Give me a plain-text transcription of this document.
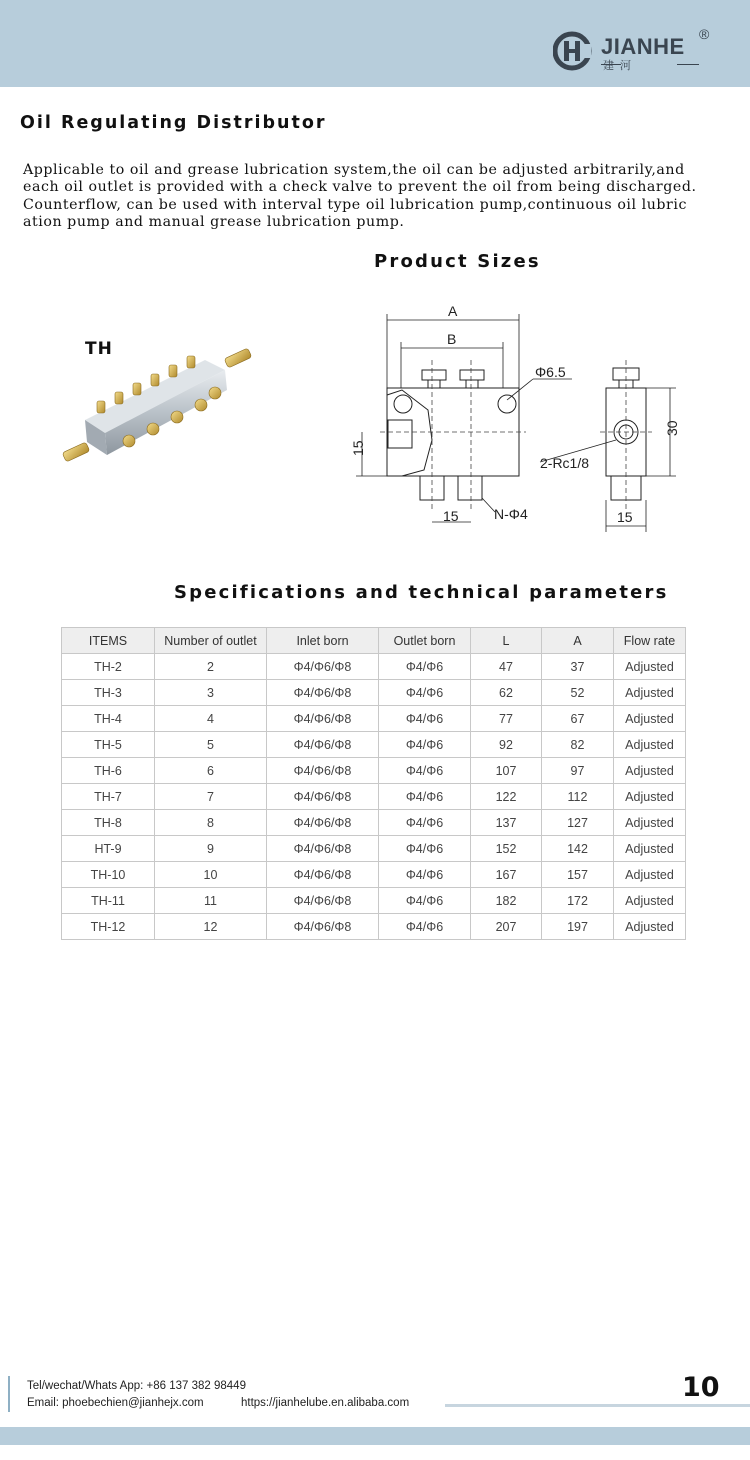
JIANHE ®
建河
Oil Regulating Distributor
Applicable to oil and grease lubrication system,the oil can be adjusted arbitrarily,and
each oil outlet is provided with a check valve to prevent the oil from being discharged.
Counterflow, can be used with interval type oil lubrication pump,continuous oil lubric
ation pump and manual grease lubrication pump.
Product Sizes
TH
A
B
Φ6.5
15
15	N-Φ4
2-Rc1/8
30
15
Specifications and technical parameters
ITEMS	Number of outlet	Inlet born	Outlet born	L	A	Flow rate
TH-2	2	Φ4/Φ6/Φ8	Φ4/Φ6	47	37	Adjusted
TH-3	3	Φ4/Φ6/Φ8	Φ4/Φ6	62	52	Adjusted
TH-4	4	Φ4/Φ6/Φ8	Φ4/Φ6	77	67	Adjusted
TH-5	5	Φ4/Φ6/Φ8	Φ4/Φ6	92	82	Adjusted
TH-6	6	Φ4/Φ6/Φ8	Φ4/Φ6	107	97	Adjusted
TH-7	7	Φ4/Φ6/Φ8	Φ4/Φ6	122	112	Adjusted
TH-8	8	Φ4/Φ6/Φ8	Φ4/Φ6	137	127	Adjusted
HT-9	9	Φ4/Φ6/Φ8	Φ4/Φ6	152	142	Adjusted
TH-10	10	Φ4/Φ6/Φ8	Φ4/Φ6	167	157	Adjusted
TH-11	11	Φ4/Φ6/Φ8	Φ4/Φ6	182	172	Adjusted
TH-12	12	Φ4/Φ6/Φ8	Φ4/Φ6	207	197	Adjusted
Tel/wechat/Whats App: +86 137 382 98449
Email: phoebechien@jianhejx.com	https://jianhelube.en.alibaba.com	10
